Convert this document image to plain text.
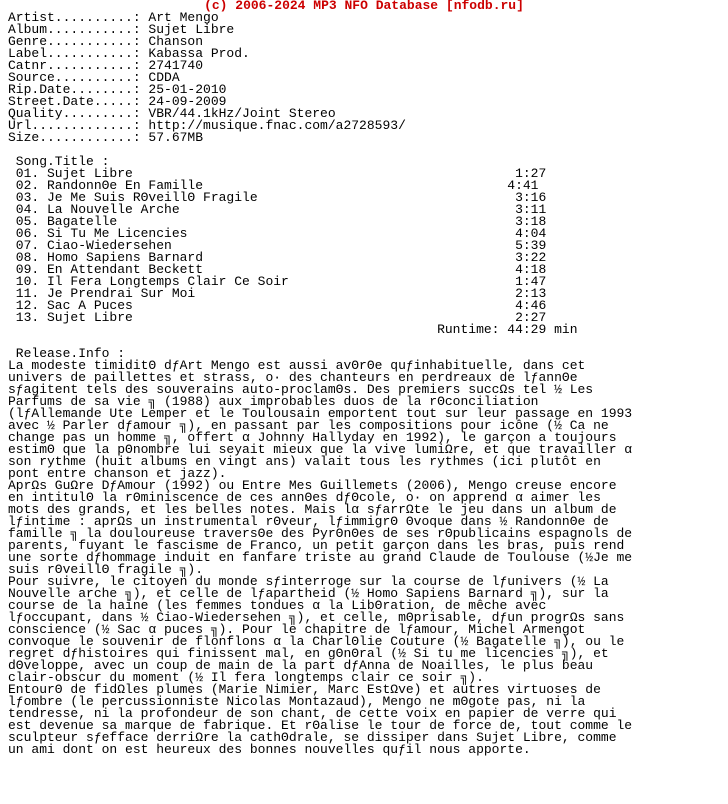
(c) 2006-2024 MP3 NFO Database [nfodb.ru]
Artist..........: Art Mengo
Album...........: Sujet Libre
Genre...........: Chanson
Label...........: Kabassa Prod.
Catnr...........: 2741740
Source..........: CDDA
Rip.Date........: 25-01-2010
Street.Date.....: 24-09-2009
Quality.........: VBR/44.1kHz/Joint Stereo
Url.............: http://musique.fnac.com/a2728593/
Size............: 57.67MB
Song.Title :
01. Sujet Libre                                                 1:27
02. RandonnΘe En Famille                                       4:41
03. Je Me Suis RΘveillΘ Fragile                                 3:16
04. La Nouvelle Arche                                           3:11
05. Bagatelle                                                   3:18
06. Si Tu Me Licencies                                          4:04
07. Ciao-Wiedersehen                                            5:39
08. Homo Sapiens Barnard                                        3:22
09. En Attendant Beckett                                        4:18
10. Il Fera Longtemps Clair Ce Soir                             1:47
11. Je Prendrai Sur Moi                                         2:13
12. Sac A Puces                                                 4:46
13. Sujet Libre                                                 2:27
Runtime: 44:29 min
Release.Info :
La modeste timiditΘ dƒArt Mengo est aussi avΘrΘe quƒinhabituelle, dans cet
univers de paillettes et strass, o· des chanteurs en perdreaux de lƒannΘe
sƒagitent tels des souverains auto-proclamΘs. Des premiers succΩs tel ½ Les
Parfums de sa vie ╗ (1988) aux improbables duos de la rΘconciliation
(lƒAllemande Ute Lemper et le Toulousain emportent tout sur leur passage en 1993
avec ½ Parler dƒamour ╗), en passant par les compositions pour icône (½ Ca ne
change pas un homme ╗, offert α Johnny Hallyday en 1992), le garçon a toujours
estimΘ que la pΘnombre lui seyait mieux que la vive lumiΩre, et que travailler α
son rythme (huit albums en vingt ans) valait tous les rythmes (ici plutôt en
pont entre chanson et jazz).
AprΩs GuΩre DƒAmour (1992) ou Entre Mes Guillemets (2006), Mengo creuse encore
en intitulΘ la rΘminiscence de ces annΘes dƒΘcole, o· on apprend α aimer les
mots des grands, et les belles notes. Mais lα sƒarrΩte le jeu dans un album de
lƒintime : aprΩs un instrumental rΘveur, lƒimmigrΘ Θvoque dans ½ RandonnΘe de
famille ╗ la douloureuse traversΘe des PyrΘnΘes de ses rΘpublicains espagnols de
parents, fuyant le fascisme de Franco, un petit garçon dans les bras, puis rend
une sorte dƒhommage induit en fanfare triste au grand Claude de Toulouse (½Je me
suis rΘveillΘ fragile ╗).
Pour suivre, le citoyen du monde sƒinterroge sur la course de lƒunivers (½ La
Nouvelle arche ╗), et celle de lƒapartheid (½ Homo Sapiens Barnard ╗), sur la
course de la haine (les femmes tondues α la LibΘration, de mêche avec
lƒoccupant, dans ½ Ciao-Wiedersehen ╗), et celle, mΘprisable, dƒun progrΩs sans
conscience (½ Sac α puces ╗). Pour le chapitre de lƒamour, Michel Armengot
convoque le souvenir de flonflons α la CharlΘlie Couture (½ Bagatelle ╗), ou le
regret dƒhistoires qui finissent mal, en gΘnΘral (½ Si tu me licencies ╗), et
dΘveloppe, avec un coup de main de la part dƒAnna de Noailles, le plus beau
clair-obscur du moment (½ Il fera longtemps clair ce soir ╗).
EntourΘ de fidΩles plumes (Marie Nimier, Marc EstΩve) et autres virtuoses de
lƒombre (le percussionniste Nicolas Montazaud), Mengo ne mΘgote pas, ni la
tendresse, ni la profondeur de son chant, de cette voix en papier de verre qui
est devenue sa marque de fabrique. Et rΘalise le tour de force de, tout comme le
sculpteur sƒefface derriΩre la cathΘdrale, se dissiper dans Sujet Libre, comme
un ami dont on est heureux des bonnes nouvelles quƒil nous apporte.
